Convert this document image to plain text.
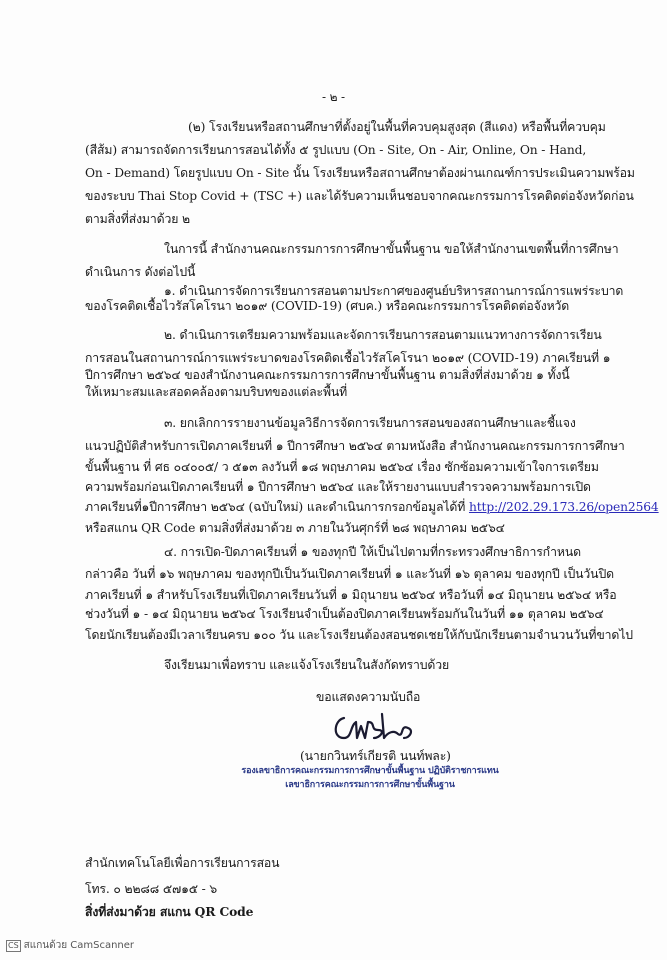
- ๒ -
(๒) โรงเรียนหรือสถานศึกษาที่ตั้งอยู่ในพื้นที่ควบคุมสูงสุด (สีแดง) หรือพื้นที่ควบคุม
(สีส้ม) สามารถจัดการเรียนการสอนได้ทั้ง ๕ รูปแบบ (On - Site, On - Air, Online, On - Hand,
On - Demand) โดยรูปแบบ On - Site นั้น โรงเรียนหรือสถานศึกษาต้องผ่านเกณฑ์การประเมินความพร้อม
ของระบบ Thai Stop Covid + (TSC +) และได้รับความเห็นชอบจากคณะกรรมการโรคติดต่อจังหวัดก่อน
ตามสิ่งที่ส่งมาด้วย ๒
ในการนี้ สำนักงานคณะกรรมการการศึกษาขั้นพื้นฐาน ขอให้สำนักงานเขตพื้นที่การศึกษา
ดำเนินการ ดังต่อไปนี้
๑. ดำเนินการจัดการเรียนการสอนตามประกาศของศูนย์บริหารสถานการณ์การแพร่ระบาด
ของโรคติดเชื้อไวรัสโคโรนา ๒๐๑๙ (COVID-19) (ศบค.) หรือคณะกรรมการโรคติดต่อจังหวัด
๒. ดำเนินการเตรียมความพร้อมและจัดการเรียนการสอนตามแนวทางการจัดการเรียน
การสอนในสถานการณ์การแพร่ระบาดของโรคติดเชื้อไวรัสโคโรนา ๒๐๑๙ (COVID-19) ภาคเรียนที่ ๑
ปีการศึกษา ๒๕๖๔ ของสำนักงานคณะกรรมการการศึกษาขั้นพื้นฐาน ตามสิ่งที่ส่งมาด้วย ๑ ทั้งนี้
ให้เหมาะสมและสอดคล้องตามบริบทของแต่ละพื้นที่
๓. ยกเลิกการรายงานข้อมูลวิธีการจัดการเรียนการสอนของสถานศึกษาและชี้แจง
แนวปฏิบัติสำหรับการเปิดภาคเรียนที่ ๑ ปีการศึกษา ๒๕๖๔ ตามหนังสือ สำนักงานคณะกรรมการการศึกษา
ขั้นพื้นฐาน ที่ ศธ ๐๔๐๐๕/ ว ๕๑๓ ลงวันที่ ๑๘ พฤษภาคม ๒๕๖๔ เรื่อง ซักซ้อมความเข้าใจการเตรียม
ความพร้อมก่อนเปิดภาคเรียนที่ ๑ ปีการศึกษา ๒๕๖๔ และให้รายงานแบบสำรวจความพร้อมการเปิด
ภาคเรียนที่๑ปีการศึกษา ๒๕๖๔ (ฉบับใหม่) และดำเนินการกรอกข้อมูลได้ที่ http://202.29.173.26/open2564
หรือสแกน QR Code ตามสิ่งที่ส่งมาด้วย ๓ ภายในวันศุกร์ที่ ๒๘ พฤษภาคม ๒๕๖๔
๔. การเปิด-ปิดภาคเรียนที่ ๑ ของทุกปี ให้เป็นไปตามที่กระทรวงศึกษาธิการกำหนด
กล่าวคือ วันที่ ๑๖ พฤษภาคม ของทุกปีเป็นวันเปิดภาคเรียนที่ ๑ และวันที่ ๑๖ ตุลาคม ของทุกปี เป็นวันปิด
ภาคเรียนที่ ๑ สำหรับโรงเรียนที่เปิดภาคเรียนวันที่ ๑ มิถุนายน ๒๕๖๔ หรือวันที่ ๑๔ มิถุนายน ๒๕๖๔ หรือ
ช่วงวันที่ ๑ - ๑๔ มิถุนายน ๒๕๖๔ โรงเรียนจำเป็นต้องปิดภาคเรียนพร้อมกันในวันที่ ๑๑ ตุลาคม ๒๕๖๔
โดยนักเรียนต้องมีเวลาเรียนครบ ๑๐๐ วัน และโรงเรียนต้องสอนชดเชยให้กับนักเรียนตามจำนวนวันที่ขาดไป
จึงเรียนมาเพื่อทราบ และแจ้งโรงเรียนในสังกัดทราบด้วย
ขอแสดงความนับถือ
(นายกวินทร์เกียรติ นนท์พละ)
รองเลขาธิการคณะกรรมการการศึกษาขั้นพื้นฐาน ปฏิบัติราชการแทน
เลขาธิการคณะกรรมการการศึกษาขั้นพื้นฐาน
สำนักเทคโนโลยีเพื่อการเรียนการสอน
โทร. ๐ ๒๒๘๘ ๕๗๑๕ - ๖
สิ่งที่ส่งมาด้วย สแกน QR Code
CS สแกนด้วย CamScanner
